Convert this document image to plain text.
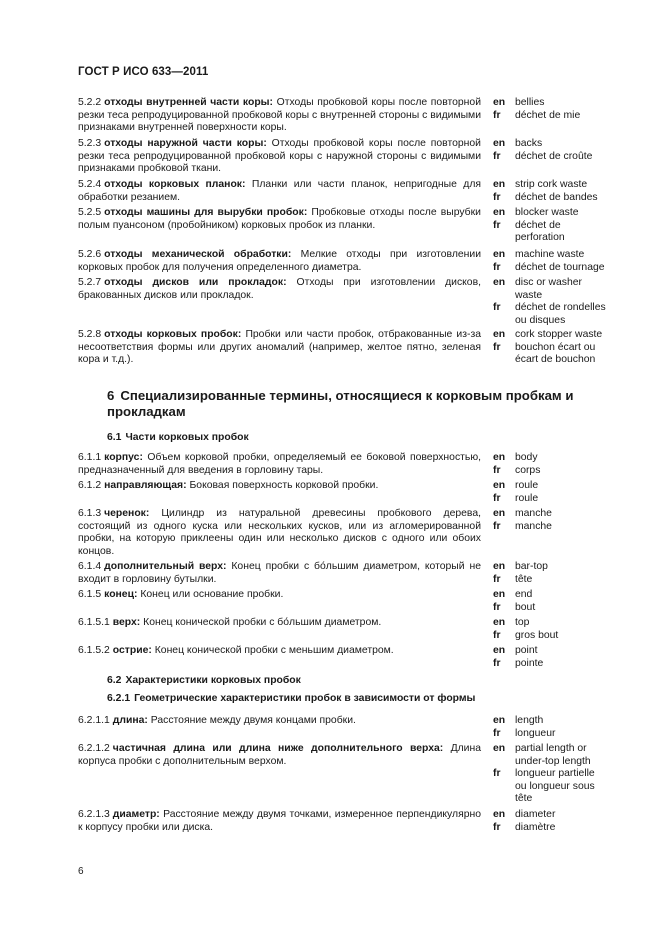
ГОСТ Р ИСО 633—2011
6 Специализированные термины, относящиеся к корковым пробкам и прокладкам
6.1 Части корковых пробок
6.2 Характеристики корковых пробок
6.2.1 Геометрические характеристики пробок в зависимости от формы

5.2.2 отходы внутренней части коры: Отходы пробковой коры после повторной резки теса репродуцированной пробковой коры с внутренней стороны с видимыми признаками внутренней поверхности коры.

en bellies
fr	déchet de mie

5.2.3 отходы наружной части коры: Отходы пробковой коры после повторной резки теса репродуцированной пробковой коры с наружной стороны с видимыми признаками пробковой ткани.

en backs
fr	déchet de croûte

5.2.4 отходы корковых планок: Планки или части планок, непригодные для обработки резанием.

en strip cork waste
fr	déchet de bandes

5.2.5 отходы машины для вырубки пробок: Пробковые отходы после вырубки полым пуансоном (пробойником) корковых пробок из планки.

en blocker waste
fr	déchet de
perforation

5.2.6 отходы механической обработки: Мелкие отходы при изготовлении корковых пробок для получения определенного диаметра.

en machine waste
fr	déchet de tournage

5.2.7 отходы дисков или прокладок: Отходы при изготовлении дисков, бракованных дисков или прокладок.

en disc or washer
waste
fr	déchet de rondelles
ou disques

5.2.8 отходы корковых пробок: Пробки или части пробок, отбракованные из-за несоответствия формы или других аномалий (например, желтое пятно, зеленая кора и т.д.).

en cork stopper waste
fr	bouchon écart ou
écart de bouchon

6.1.1 корпус: Объем корковой пробки, определяемый ее боковой поверхностью, предназначенный для введения в горловину тары.

en body
fr	corps

6.1.2 направляющая: Боковая поверхность корковой пробки.	en roule
fr	roule

6.1.3 черенок: Цилиндр из натуральной древесины пробкового дерева, состоящий из одного куска или нескольких кусков, или из агломерированной пробки, на которую приклеены один или несколько дисков с одного или обоих концов.

en manche
fr	manche

6.1.4 дополнительный верх: Конец пробки с бо́льшим диаметром, который не входит в горловину бутылки.

en bar-top
fr	tête

6.1.5 конец: Конец или основание пробки.	en end
fr	bout

6.1.5.1 верх: Конец конической пробки с бо́льшим диаметром.	en top
fr	gros bout

6.1.5.2 острие: Конец конической пробки с меньшим диаметром.	en point
fr	pointe

6.2.1.1 длина: Расстояние между двумя концами пробки.	en length
fr	longueur

6.2.1.2 частичная длина или длина ниже дополнительного верха: Длина корпуса пробки с дополнительным верхом.

en partial length or
under-top length
fr	longueur partielle
ou longueur sous
tête

6.2.1.3 диаметр: Расстояние между двумя точками, измеренное перпендикулярно к корпусу пробки или диска.

en diameter
fr	diamètre
6
